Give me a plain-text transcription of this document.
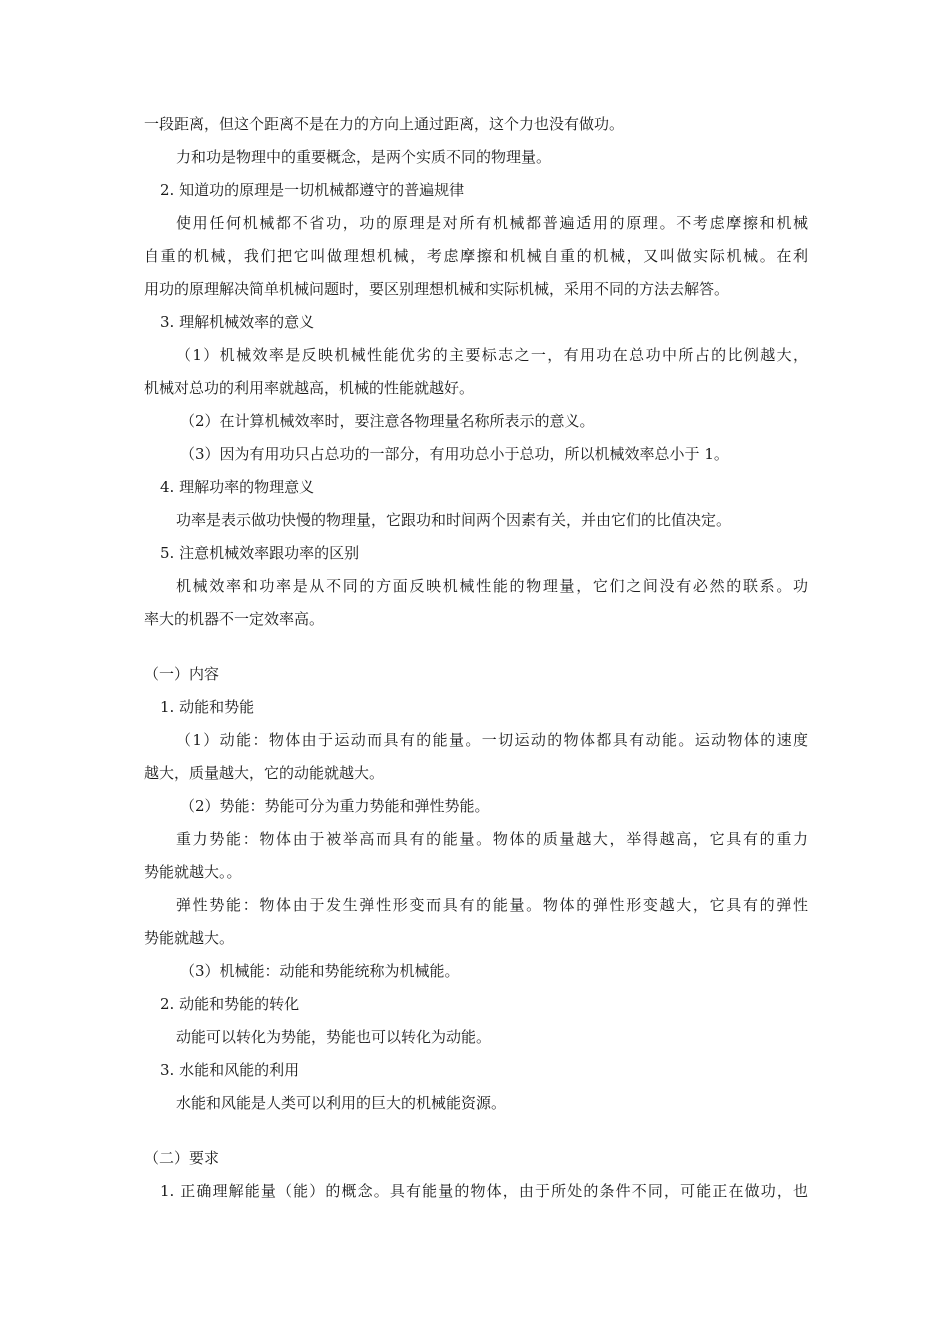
一段距离，但这个距离不是在力的方向上通过距离，这个力也没有做功。

力和功是物理中的重要概念，是两个实质不同的物理量。

2. 知道功的原理是一切机械都遵守的普遍规律

使用任何机械都不省功，功的原理是对所有机械都普遍适用的原理。不考虑摩擦和机械

自重的机械，我们把它叫做理想机械，考虑摩擦和机械自重的机械，又叫做实际机械。在利

用功的原理解决简单机械问题时，要区别理想机械和实际机械，采用不同的方法去解答。

3. 理解机械效率的意义

（1）机械效率是反映机械性能优劣的主要标志之一，有用功在总功中所占的比例越大，

机械对总功的利用率就越高，机械的性能就越好。

（2）在计算机械效率时，要注意各物理量名称所表示的意义。

（3）因为有用功只占总功的一部分，有用功总小于总功，所以机械效率总小于 1。

4. 理解功率的物理意义

功率是表示做功快慢的物理量，它跟功和时间两个因素有关，并由它们的比值决定。

5. 注意机械效率跟功率的区别

机械效率和功率是从不同的方面反映机械性能的物理量，它们之间没有必然的联系。功

率大的机器不一定效率高。

（一）内容

1. 动能和势能

（1）动能：物体由于运动而具有的能量。一切运动的物体都具有动能。运动物体的速度

越大，质量越大，它的动能就越大。

（2）势能：势能可分为重力势能和弹性势能。

重力势能：物体由于被举高而具有的能量。物体的质量越大，举得越高，它具有的重力

势能就越大。。

弹性势能：物体由于发生弹性形变而具有的能量。物体的弹性形变越大，它具有的弹性

势能就越大。

（3）机械能：动能和势能统称为机械能。

2. 动能和势能的转化

动能可以转化为势能，势能也可以转化为动能。

3. 水能和风能的利用

水能和风能是人类可以利用的巨大的机械能资源。

（二）要求

1. 正确理解能量（能）的概念。具有能量的物体，由于所处的条件不同，可能正在做功，也
